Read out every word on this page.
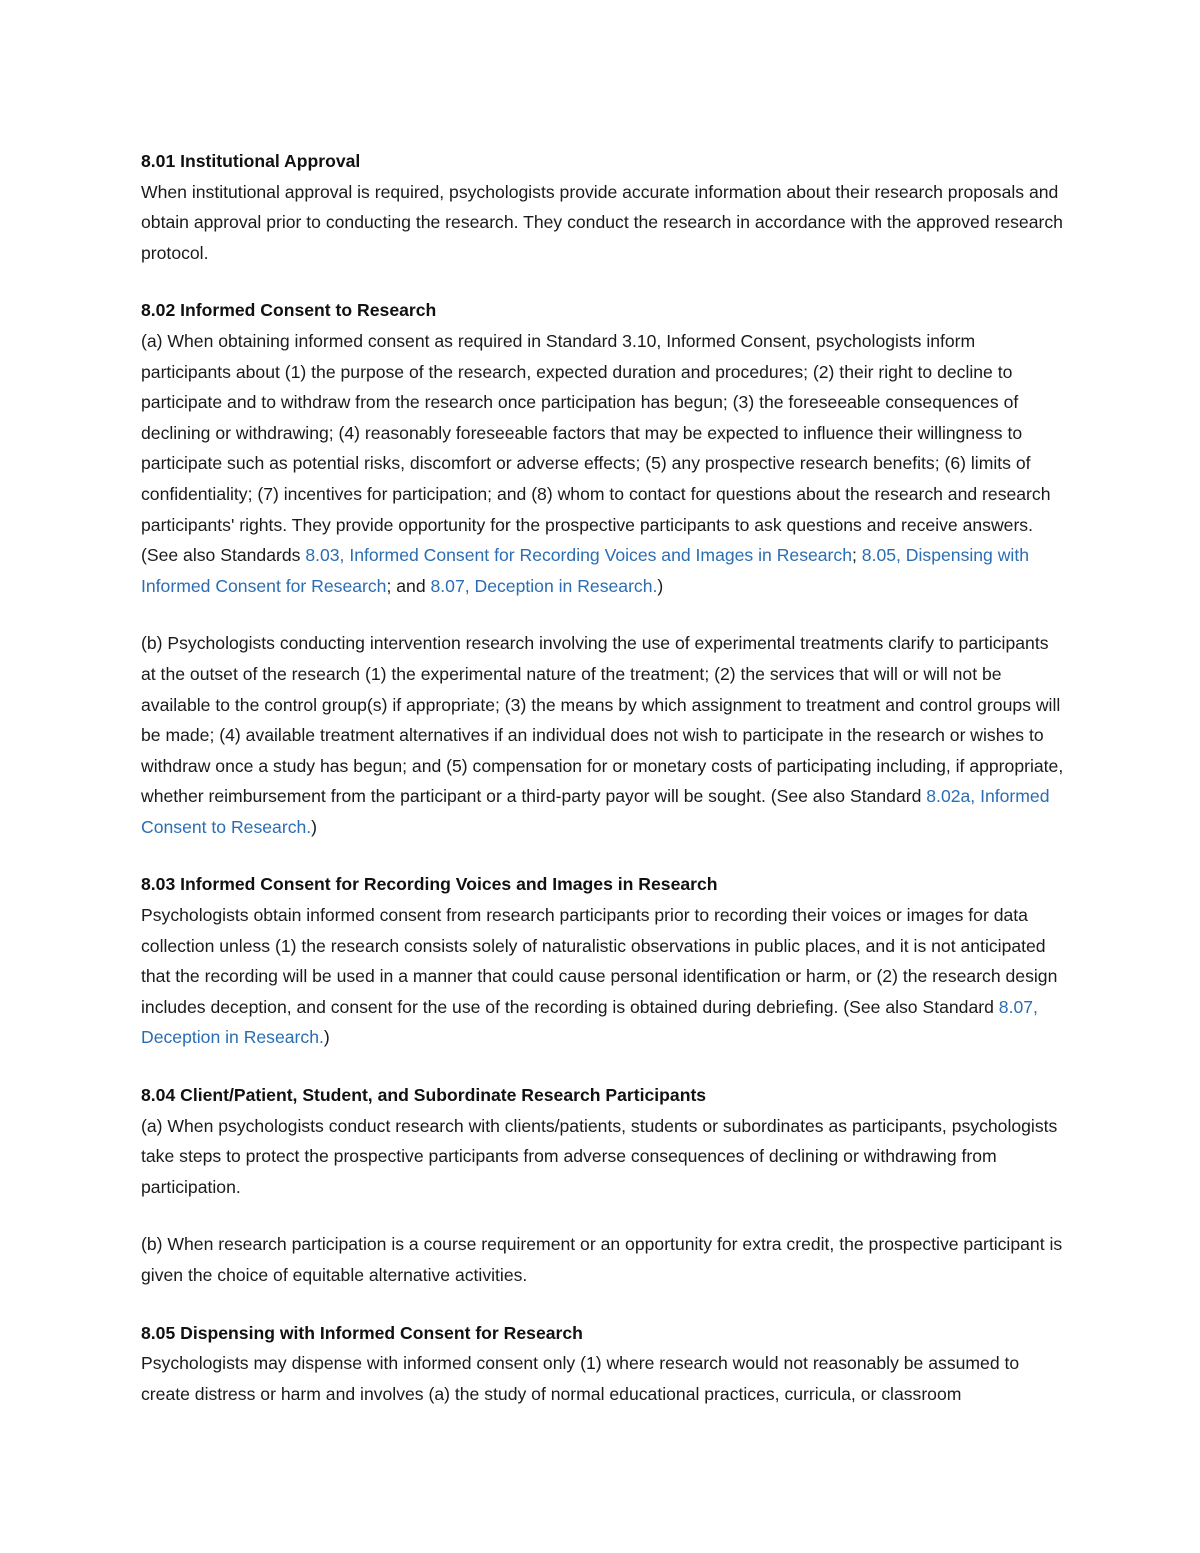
8.01 Institutional Approval

When institutional approval is required, psychologists provide accurate information about their research proposals and obtain approval prior to conducting the research. They conduct the research in accordance with the approved research protocol.

8.02 Informed Consent to Research

(a) When obtaining informed consent as required in Standard 3.10, Informed Consent, psychologists inform participants about (1) the purpose of the research, expected duration and procedures; (2) their right to decline to participate and to withdraw from the research once participation has begun; (3) the foreseeable consequences of declining or withdrawing; (4) reasonably foreseeable factors that may be expected to influence their willingness to participate such as potential risks, discomfort or adverse effects; (5) any prospective research benefits; (6) limits of confidentiality; (7) incentives for participation; and (8) whom to contact for questions about the research and research participants' rights. They provide opportunity for the prospective participants to ask questions and receive answers. (See also Standards 8.03, Informed Consent for Recording Voices and Images in Research; 8.05, Dispensing with Informed Consent for Research; and 8.07, Deception in Research.)

(b) Psychologists conducting intervention research involving the use of experimental treatments clarify to participants at the outset of the research (1) the experimental nature of the treatment; (2) the services that will or will not be available to the control group(s) if appropriate; (3) the means by which assignment to treatment and control groups will be made; (4) available treatment alternatives if an individual does not wish to participate in the research or wishes to withdraw once a study has begun; and (5) compensation for or monetary costs of participating including, if appropriate, whether reimbursement from the participant or a third-party payor will be sought. (See also Standard 8.02a, Informed Consent to Research.)

8.03 Informed Consent for Recording Voices and Images in Research

Psychologists obtain informed consent from research participants prior to recording their voices or images for data collection unless (1) the research consists solely of naturalistic observations in public places, and it is not anticipated that the recording will be used in a manner that could cause personal identification or harm, or (2) the research design includes deception, and consent for the use of the recording is obtained during debriefing. (See also Standard 8.07, Deception in Research.)

8.04 Client/Patient, Student, and Subordinate Research Participants

(a) When psychologists conduct research with clients/patients, students or subordinates as participants, psychologists take steps to protect the prospective participants from adverse consequences of declining or withdrawing from participation.

(b) When research participation is a course requirement or an opportunity for extra credit, the prospective participant is given the choice of equitable alternative activities.

8.05 Dispensing with Informed Consent for Research

Psychologists may dispense with informed consent only (1) where research would not reasonably be assumed to create distress or harm and involves (a) the study of normal educational practices, curricula, or classroom
